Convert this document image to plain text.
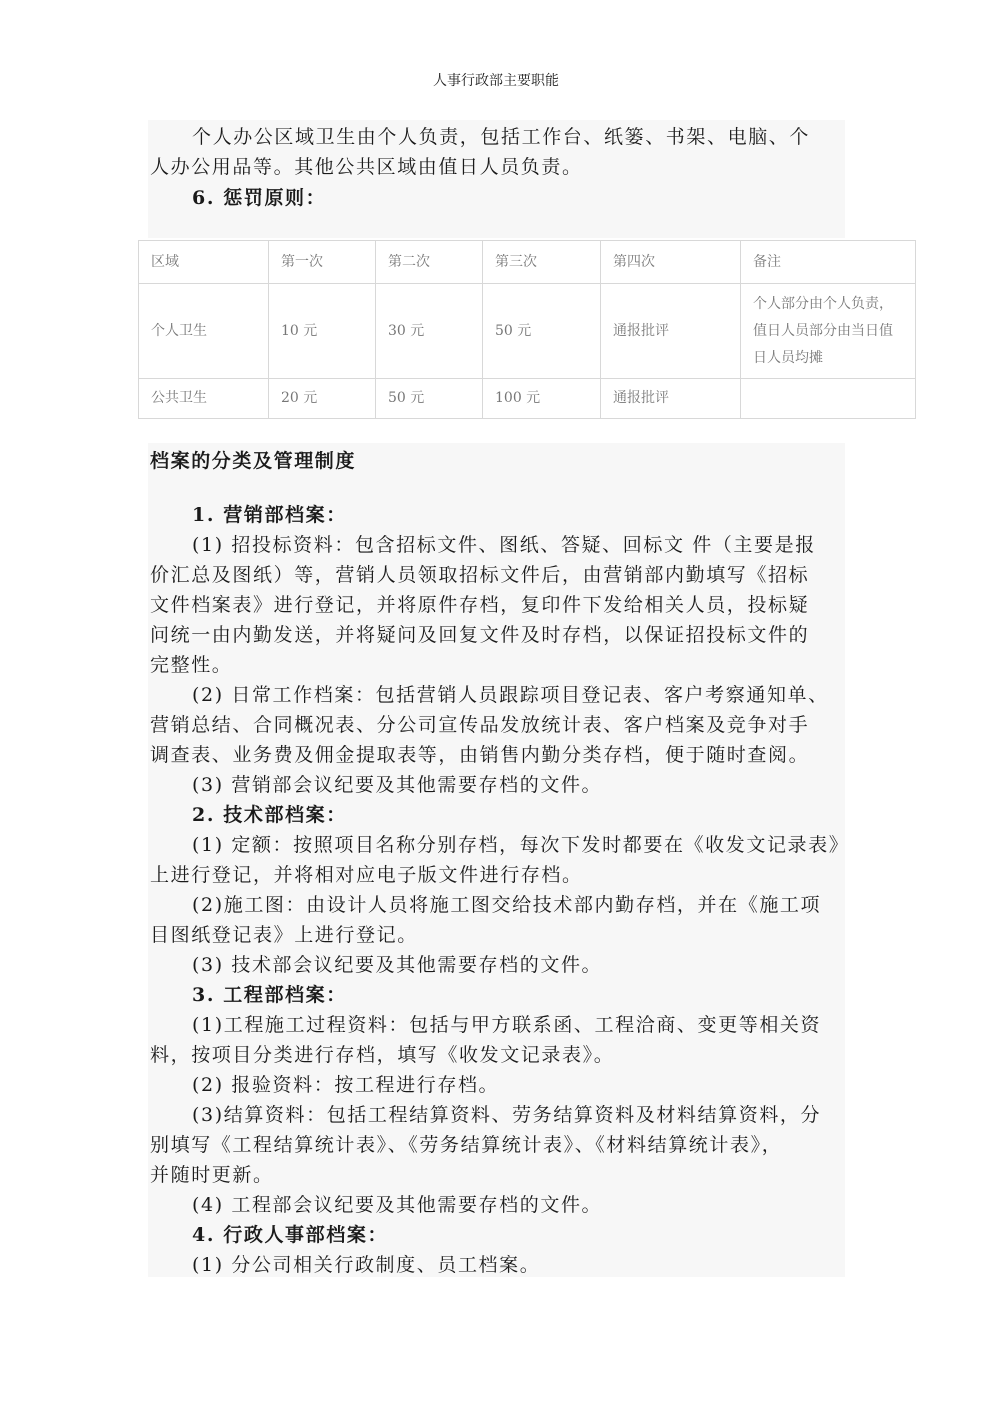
人事行政部主要职能

个人办公区域卫生由个人负责，包括工作台、纸篓、书架、电脑、个

人办公用品等。其他公共区域由值日人员负责。

6. 惩罚原则：

区域	第一次	第二次	第三次	第四次	备注
个人卫生	10 元	30 元	50 元	通报批评	个人部分由个人负责，值日人员部分由当日值日人员均摊
公共卫生	20 元	50 元	100 元	通报批评	

档案的分类及管理制度

1. 营销部档案：

(1) 招投标资料：包含招标文件、图纸、答疑、回标文 件（主要是报

价汇总及图纸）等，营销人员领取招标文件后，由营销部内勤填写《招标

文件档案表》进行登记，并将原件存档，复印件下发给相关人员，投标疑

问统一由内勤发送，并将疑问及回复文件及时存档，以保证招投标文件的

完整性。

(2) 日常工作档案：包括营销人员跟踪项目登记表、客户考察通知单、

营销总结、合同概况表、分公司宣传品发放统计表、客户档案及竞争对手

调查表、业务费及佣金提取表等，由销售内勤分类存档，便于随时查阅。

(3) 营销部会议纪要及其他需要存档的文件。

2. 技术部档案：

(1) 定额：按照项目名称分别存档，每次下发时都要在《收发文记录表》

上进行登记，并将相对应电子版文件进行存档。

(2)施工图：由设计人员将施工图交给技术部内勤存档，并在《施工项

目图纸登记表》上进行登记。

(3) 技术部会议纪要及其他需要存档的文件。

3. 工程部档案：

(1)工程施工过程资料：包括与甲方联系函、工程洽商、变更等相关资

料，按项目分类进行存档，填写《收发文记录表》。

(2) 报验资料：按工程进行存档。

(3)结算资料：包括工程结算资料、劳务结算资料及材料结算资料，分

别填写《工程结算统计表》、《劳务结算统计表》、《材料结算统计表》，

并随时更新。

(4) 工程部会议纪要及其他需要存档的文件。

4. 行政人事部档案：

(1) 分公司相关行政制度、员工档案。
